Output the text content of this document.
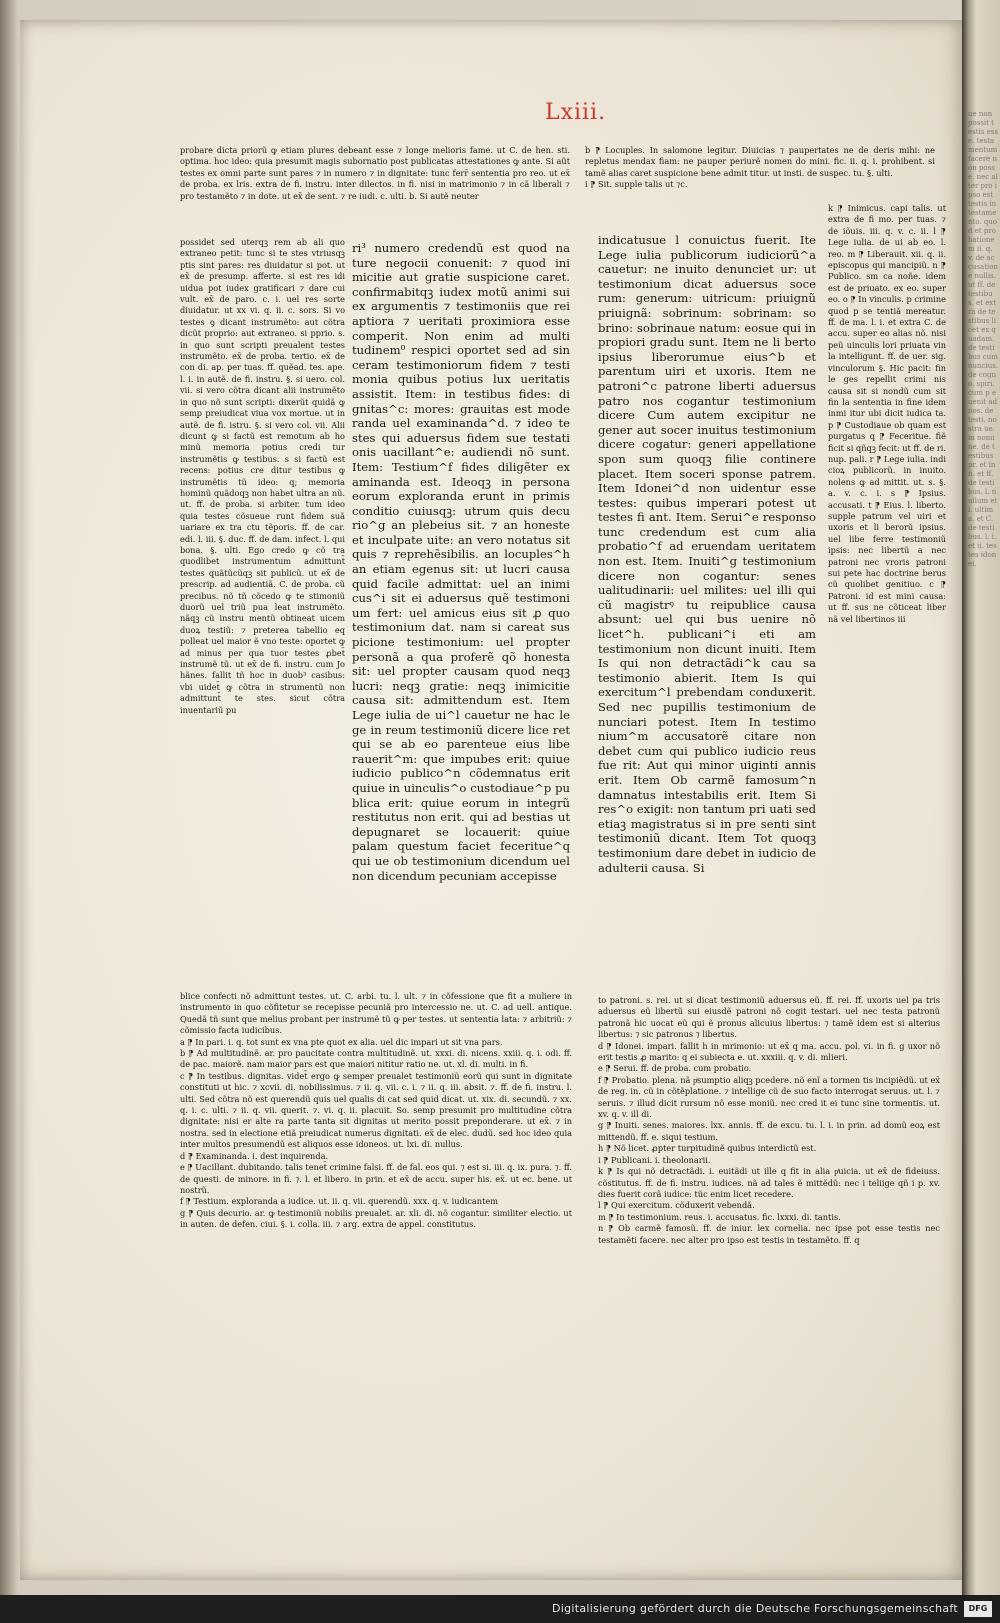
ue non possit testis esse. testamentum facere non posse. nec alter pro ipso est testis in testamento. quod et probationem ii. q. v. de accusatione nullis. ut ff. de testibus. et extra de testibus licet ex quadam. de testibus cum nuncius. de cogno. spiri. cum p e uenit ad nos. de testi. nostra ue. in nomine. de testibus pr. et in fi. et ff. de testibus. l. nullum et l. ultima. et C. de testibus. l. i. et ii. testes idonei.
Lxiii.
probare dicta priorũ ꝙ etiam plures debeant esse ⁊ longe melioris fame. ut C. de hen. sti. optima. hoc ideo: quia presumit magis subornatio post publicatas attestationes ꝙ ante. Si aũt testes ex omni parte sunt pares ⁊ in numero ⁊ in dignitate: tunc ferr̄ sententia pro reo. ut ex̄ de proba. ex lris. extra de fi. instru. inter dilectos. in fi. nisi in matrimonio ⁊ in cã liberali ⁊ pro testamẽto ⁊ in dote. ut ex̄ de sent. ⁊ re iudi. c. ulti. b. Si autẽ neuter
possidet sed uterqꝫ rem ab ali quo extraneo petit: tunc si te stes vtriusqꝫ ptis sint pares: res diuidatur si pot. ut ex̄ de presump. afferte. si est res idi uidua pot iudex gratificari ⁊ dare cui vult. ex̄ de paro. c. i. uel res sorte diuidatur. ut xx vi. q. ii. c. sors. Si vo testes ꝯ dicant instrumẽto: aut cõtra dicũt proprio: aut extraneo. si pprio. s. in quo sunt scripti preualent testes instrumẽto. ex̄ de proba. tertio. ex̄ de con di. ap. per tuas. ff. quẽad. tes. ape. l. i. in autẽ. de fi. instru. §. si uero. col. vii. si vero cõtra dicant alii instrumẽto in quo nõ sunt scripti: dixerũt quidã ꝙ semp preiudicat viua vox mortue. ut in autẽ. de fi. istru. §. si vero col. vii. Alii dicunt ꝙ si factũ est remotum ab ho minũ memoria potius credi tur instrumẽtis ꝙ testibus. s si factũ est recens: potius cre ditur testibus ꝙ instrumẽtis tũ ideo: q; memoria hominũ quãdoqꝫ non habet ultra an nũ. ut. ff. de proba. si arbiter. tum ideo quia testes cõsueue runt fidem suã uariare ex tra ctu tẽporis. ff. de car. edi. l. iii. §. duc. ff. de dam. infect. l. qui bona. §. ulti. Ego credo ꝙ cõ tra quodlibet instrumentum admittunt̄ testes quãtũcũqꝫ sit publicũ. ut ex̄ de prescrip. ad audientiã. C. de proba. cũ precibus. nõ tñ cõcedo ꝙ te stimoniũ duorũ uel triũ pua leat instrumẽto. nãqꝫ cũ instru mentũ obtineat uicem duoꝝ testiũ: ⁊ preterea tabellio eq polleat uel maior ẽ vno teste: oportet ꝙ ad minus per qua tuor testes ꝓbet̄ instrumẽ tũ. ut ex̄ de fi. instru. cum Jo hãnes. fallit tñ hoc in duob³ casibus: vbi uidet̄ ꝙ cõtra in strumentũ non admittunt̄ te stes. sicut cõtra inuentariũ pu
ri³ numero credendũ est quod na ture negocii conuenit: ⁊ quod ini micitie aut gratie suspicione caret. confirmabitqꝫ iudex motũ animi sui ex argumentis ⁊ testimoniis que rei aptiora ⁊ ueritati proximiora esse comperit. Non enim ad multi tudinem⁰ respici oportet sed ad sin ceram testimoniorum fidem ⁊ testi monia quibus potius lux ueritatis assistit. Item: in testibus fides: di gnitas^c: mores: grauitas est mode randa uel examinanda^d. ⁊ ideo te stes qui aduersus fidem sue testati onis uacillant^e: audiendi nõ sunt. Item: Testium^f fides diligẽter ex aminanda est. Ideoqꝫ in persona eorum exploranda erunt in primis conditio cuiusqꝫ: utrum quis decu rio^g an plebeius sit. ⁊ an honeste et inculpate uite: an vero notatus sit quis ⁊ reprehẽsibilis. an locuples^h an etiam egenus sit: ut lucri causa quid facile admittat: uel an inimi cus^i sit ei aduersus quẽ testimoni um fert: uel amicus eius sit ꝓ quo testimonium dat. nam si careat sus picione testimonium: uel propter personã a qua proferẽ qõ honesta sit: uel propter causam quod neqꝫ lucri: neqꝫ gratie: neqꝫ inimicitie causa sit: admittendum est. Item Lege iulia de ui^l cauetur ne hac le ge in reum testimoniũ dicere lice ret qui se ab eo parenteue eius libe rauerit^m: que impubes erit: quiue iudicio publico^n cõdemnatus erit quiue in uinculis^o custodiaue^p pu blica erit: quiue eorum in integrũ restitutus non erit. qui ad bestias ut depugnaret se locauerit: quiue palam questum faciet feceritue^q qui ue ob testimonium dicendum uel non dicendum pecuniam accepisse
b ⁋ Locuples. In salomone legitur. Diuicias ⁊ paupertates ne de deris mihi: ne repletus mendax fiam: ne pauper periurẽ nomen do mini. fic. ii. q. i. prohibent. si tamẽ alias caret suspicione bene admit titur. ut insti. de suspec. tu. §. ulti.
i ⁋ Sit. supple talis ut ⁊c.
indicatusue l conuictus fuerit. Ite Lege iulia publicorum iudiciorũ^a cauetur: ne inuito denunciet ur: ut testimonium dicat aduersus soce rum: generum: uitricum: priuignũ priuignã: sobrinum: sobrinam: so brino: sobrinaue natum: eosue qui in propiori gradu sunt. Item ne li berto ipsius liberorumue eius^b et parentum uiri et uxoris. Item ne patroni^c patrone liberti aduersus patro nos cogantur testimonium dicere Cum autem excipitur ne gener aut socer inuitus testimonium dicere cogatur: generi appellatione spon sum quoqꝫ filie continere placet. Item soceri sponse patrem. Item Idonei^d non uidentur esse testes: quibus imperari potest ut testes fi ant. Item. Serui^e responso tunc credendum est cum alia probatio^f ad eruendam ueritatem non est. Item. Inuiti^g testimonium dicere non cogantur: senes ualitudinarii: uel milites: uel illi qui cũ magistrꝰ tu reipublice causa absunt: uel qui bus uenire nõ licet^h. publicani^i eti am testimonium non dicunt inuiti. Item Is qui non detractãdi^k cau sa testimonio abierit. Item Is qui exercitum^l prebendam conduxerit. Sed nec pupillis testimonium de nunciari potest. Item In testimo nium^m accusatorẽ citare non debet cum qui publico iudicio reus fue rit: Aut qui minor uiginti annis erit. Item Ob carmẽ famosum^n damnatus intestabilis erit. Item Si res^o exigit: non tantum pri uati sed etiaꝫ magistratus si in pre senti sint testimoniũ dicant. Item Tot quoqꝫ testimonium dare debet in iudicio de adulterii causa. Si
k ⁋ Inimicus. capi talis. ut extra de fi mo. per tuas. ⁊ de iõuis. iii. q. v. c. ii. l ⁋ Lege iulia. de ui ab eo. l. reo. m ⁋ Liberauit. xii. q. ii. episcopus qui mancipiũ. n ⁋ Publico. sm ca noñe. idem est de priuato. ex eo. super eo. o ⁋ In vinculis. p crimine quod p se tentiã mereatur. ff. de ma. l. i. et extra C. de accu. super eo alias nõ. nisi peũ uinculis lori priuata vin la intelligunt. ff. de uer. sig. vinculorum §. Hic pacit: fin le ges repellit crimi nis causa sit si nondũ cum sit fin la sententia in fine idem inmi itur ubi dicit iudica ta. p ⁋ Custodiaue ob quam est purgatus q ⁋ Feceritue. fiẽ ficit si qñqꝫ fecit: ut ff. de ri. nup. pali. r ⁋ Lege iulia. indi cioꝝ publicorũ. in inuito. nolens ꝙ ad mittit. ut. s. §. a. v. c. i. s ⁋ Ipsius. accusati. t ⁋ Eius. l. liberto. supple patrum vel uiri et uxoris et li berorũ ipsius. uel libe ferre testimoniũ ipsis: nec libertũ a nec patroni nec vroris patroni sui pete hac doctrine berus cũ quolibet genitiuo. c ⁋ Patroni. id est mini causa: ut ff. sus ne cõticeat liber nã vel libertinos iii
blice confecti nõ admittunt̄ testes. ut. C. arbi. tu. l. ult. ⁊ in cõfessione que fit a muliere in instrumento in quo cõfitetur se recepisse pecuniã pro intercessio ne. ut. C. ad uell. antique. Quedã tñ sunt que melius probant per instrumẽ tũ ꝙ per testes. ut sententia lata: ⁊ arbitriũ: ⁊ cõmissio facta iudicibus.
a ⁋ In pari. i. q. tot sunt ex vna pte quot ex alia. uel dic impari ut sit vna pars.
b ⁋ Ad multitudinẽ. ar. pro paucitate contra multitudinẽ. ut. xxxi. di. nicens. xxiii. q. i. odi. ff. de pac. maiorẽ. nam maior pars est que maiori nititur ratio ne. ut. xl. di. multi. in fi.
c ⁋ In testibus. dignitas. videt̄ ergo ꝙ semper preualet testimoniũ eorũ qui sunt in dignitate constituti ut hic. ⁊ xcvii. di. nobilissimus. ⁊ ii. q. vii. c. i. ⁊ ii. q. iii. absit. ⁊. ff. de fi. instru. l. ulti. Sed cõtra nõ est querendũ quis uel qualis di cat sed quid dicat. ut. xix. di. secundũ. ⁊ xx. q. i. c. ulti. ⁊ ii. q. vii. querit. ⁊. vi. q. ii. placuit. So. semp presumit pro multitudine cõtra dignitate: nisi er alte ra parte tanta sit dignitas ut merito possit preponderare. ut ex̄. ⁊ in nostra. sed in electione etiã preiudicat numerus dignitati. ex̄ de elec. dudũ. sed hoc ideo quia inter multos presumendũ est aliquos esse idoneos. ut. lxi. di. nullus.
d ⁋ Examinanda. i. dest inquirenda.
e ⁋ Uacillant. dubitando. talis tenet̄ crimine falsi. ff. de fal. eos qui. ⁊ est si. iii. q. ix. pura. ⁊. ff. de questi. de minore. in fi. ⁊. l. et libero. in prin. et ex̄ de accu. super his. ex̄. ut ec. bene. ut nostrũ.
f ⁋ Testium. exploranda a iudice. ut. ii. q. vii. querendũ. xxx. q. v. iudicantem
g ⁋ Quis decurio. ar. ꝙ testimoniũ nobilis preualet. ar. xli. di. nõ cogantur. similiter electio. ut in auten. de defen. ciui. §. i. colla. iii. ⁊ arg. extra de appel. constitutus.
to patroni. s. rei. ut si dicat testimoniũ aduersus eũ. ff. rei. ff. uxoris uel pa tris aduersus eũ libertũ sui eiusdẽ patroni nõ cogit testari. uel nec testa patronũ patronã hic uocat eũ qui ẽ pronus alicuius libertus: ⁊ tamẽ idem est si alterius libertus: ⁊ sic patronus ⁊ libertus.
d ⁋ Idonei. impari. fallit h in mrimonio: ut ex̄ q ma. accu. pol. vi. in fi. g uxor nõ erit testis ꝓ marito: q ei subiecta e. ut. xxxiii. q. v. di. mlieri.
e ⁋ Serui. ff. de proba. cum probatio.
f ⁋ Probatio. plena. nã pͥsumptio aliqꝫ pcedere. nõ enĩ a tormen tis incipiẽdũ. ut ex̄ de reg. in. cũ in cõtẽplatione. ⁊ intellige cũ de suo facto interrogat seruus. ut. l. ⁊ seruis. ⁊ illud dicit rursum nõ esse moniũ. nec cred it ei tunc sine tormentis. ut. xv. q. v. ill di.
g ⁋ Inuiti. senes. maiores. lxx. annis. ff. de excu. tu. l. i. in prin. ad domũ eoꝝ est mittendũ. ff. e. siqui testium.
h ⁋ Nõ licet. ꝓpter turpitudinẽ quibus interdictũ est.
i ⁋ Publicani. i. theolonarii.
k ⁋ Is qui nõ detractãdi. i. euitãdi ut ille q fit in alia pͥuicia. ut ex̄ de fideiuss. cõstitutus. ff. de fi. instru. iudices. nã ad tales ẽ mittẽdũ: nec i teliige qñ i p. xv. dies fuerit corã iudice: tũc enim licet recedere.
l ⁋ Qui exercitum. cõduxerit vebendã.
m ⁋ In testimonium. reus. i. accusatus. fic. lxxxi. di. tantis.
n ⁋ Ob carmẽ famosũ. ff. de iniur. lex cornelia. nec ipse pot esse testis nec testamẽti facere. nec alter pro ipso est testis in testamẽto. ff. q
Digitalisierung gefördert durch die Deutsche Forschungsgemeinschaft	DFG
